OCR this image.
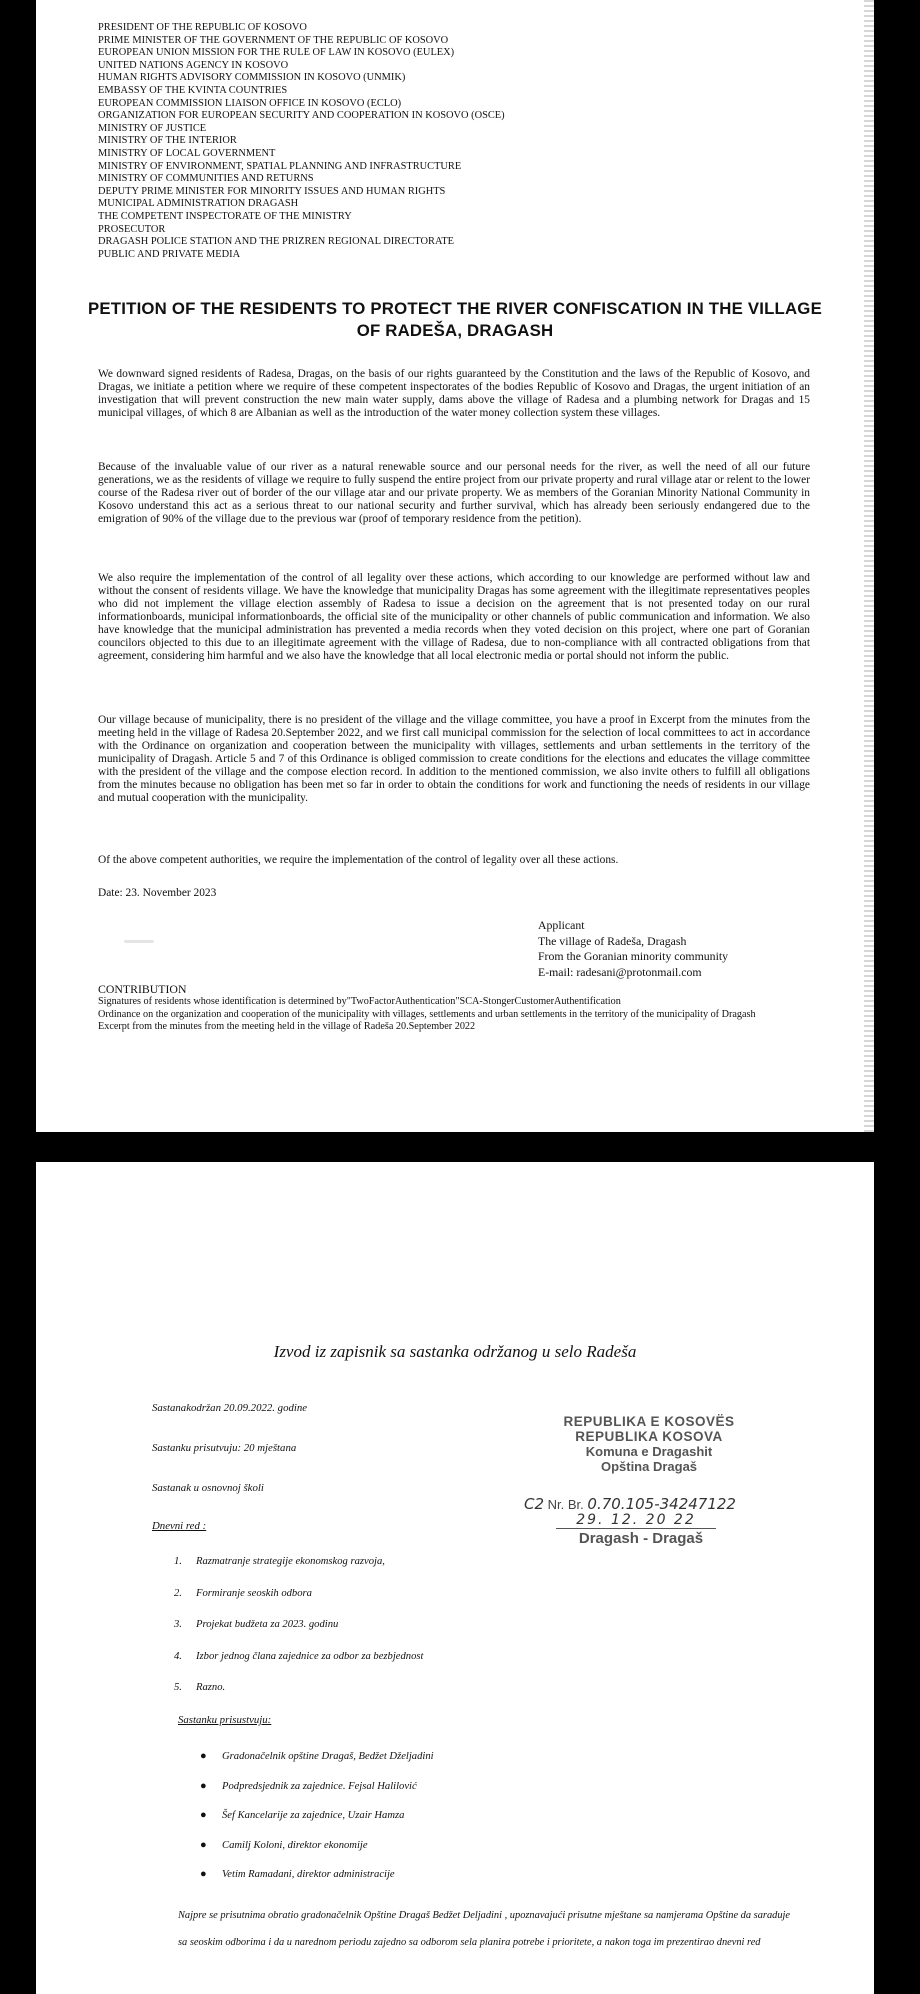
PRESIDENT OF THE REPUBLIC OF KOSOVO
PRIME MINISTER OF THE GOVERNMENT OF THE REPUBLIC OF KOSOVO
EUROPEAN UNION MISSION FOR THE RULE OF LAW IN KOSOVO (EULEX)
UNITED NATIONS AGENCY IN KOSOVO
HUMAN RIGHTS ADVISORY COMMISSION IN KOSOVO (UNMIK)
EMBASSY OF THE KVINTA COUNTRIES
EUROPEAN COMMISSION LIAISON OFFICE IN KOSOVO (ECLO)
ORGANIZATION FOR EUROPEAN SECURITY AND COOPERATION IN KOSOVO (OSCE)
MINISTRY OF JUSTICE
MINISTRY OF THE INTERIOR
MINISTRY OF LOCAL GOVERNMENT
MINISTRY OF ENVIRONMENT, SPATIAL PLANNING AND INFRASTRUCTURE
MINISTRY OF COMMUNITIES AND RETURNS
DEPUTY PRIME MINISTER FOR MINORITY ISSUES AND HUMAN RIGHTS
MUNICIPAL ADMINISTRATION DRAGASH
THE COMPETENT INSPECTORATE OF THE MINISTRY
PROSECUTOR
DRAGASH POLICE STATION AND THE PRIZREN REGIONAL DIRECTORATE
PUBLIC AND PRIVATE MEDIA
PETITION OF THE RESIDENTS TO PROTECT THE RIVER CONFISCATION IN THE VILLAGE OF RADEŠA, DRAGASH

We downward signed residents of Radesa, Dragas, on the basis of our rights guaranteed by the Constitution and the laws of the Republic of Kosovo, and Dragas, we initiate a petition where we require of these competent inspectorates of the bodies Republic of Kosovo and Dragas, the urgent initiation of an investigation that will prevent construction the new main water supply, dams above the village of Radesa and a plumbing network for Dragas and 15 municipal villages, of which 8 are Albanian as well as the introduction of the water money collection system these villages.

Because of the invaluable value of our river as a natural renewable source and our personal needs for the river, as well the need of all our future generations, we as the residents of village we require to fully suspend the entire project from our private property and rural village atar or relent to the lower course of the Radesa river out of border of the our village atar and our private property. We as members of the Goranian Minority National Community in Kosovo understand this act as a serious threat to our national security and further survival, which has already been seriously endangered due to the emigration of 90% of the village due to the previous war (proof of temporary residence from the petition).

We also require the implementation of the control of all legality over these actions, which according to our knowledge are performed without law and without the consent of residents village. We have the knowledge that municipality Dragas has some agreement with the illegitimate representatives peoples who did not implement the village election assembly of Radesa to issue a decision on the agreement that is not presented today on our rural informationboards, municipal informationboards, the official site of the municipality or other channels of public communication and information. We also have knowledge that the municipal administration has prevented a media records when they voted decision on this project, where one part of Goranian councilors objected to this due to an illegitimate agreement with the village of Radesa, due to non-compliance with all contracted obligations from that agreement, considering him harmful and we also have the knowledge that all local electronic media or portal should not inform the public.

Our village because of municipality, there is no president of the village and the village committee, you have a proof in Excerpt from the minutes from the meeting held in the village of Radesa 20.September 2022, and we first call municipal commission for the selection of local committees to act in accordance with the Ordinance on organization and cooperation between the municipality with villages, settlements and urban settlements in the territory of the municipality of Dragash. Article 5 and 7 of this Ordinance is obliged commission to create conditions for the elections and educates the village committee with the president of the village and the compose election record. In addition to the mentioned commission, we also invite others to fulfill all obligations from the minutes because no obligation has been met so far in order to obtain the conditions for work and functioning the needs of residents in our village and mutual cooperation with the municipality.

Of the above competent authorities, we require the implementation of the control of legality over all these actions.

Date: 23. November 2023
Applicant
The village of Radeša, Dragash
From the Goranian minority community
E-mail: radesani@protonmail.com
CONTRIBUTION
Signatures of residents whose identification is determined by"TwoFactorAuthentication"SCA-StongerCustomerAuthentification
Ordinance on the organization and cooperation of the municipality with villages, settlements and urban settlements in the territory of the municipality of Dragash
Excerpt from the minutes from the meeting held in the village of Radeša 20.September 2022
Izvod iz zapisnik sa sastanka održanog u selo Radeša
Sastanakodržan 20.09.2022. godine
Sastanku prisutvuju: 20 mještana
Sastanak u osnovnoj školi
Dnevni red :
1. Razmatranje strategije ekonomskog razvoja,
2. Formiranje seoskih odbora
3. Projekat budžeta za 2023. godinu
4. Izbor jednog člana zajednice za odbor za bezbjednost
5. Razno.
Sastanku prisustvuju:
● Gradonačelnik opštine Dragaš, Bedžet Dželjadini
● Podpredsjednik za zajednice. Fejsal Halilović
● Šef Kancelarije za zajednice, Uzair Hamza
● Camilj Koloni, direktor ekonomije
● Vetim Ramadani, direktor administracije

Najpre se prisutnima obratio gradonačelnik Opštine Dragaš Bedžet Deljadini , upoznavajući prisutne mještane sa namjerama Opštine da saraduje sa seoskim odborima i da u narednom periodu zajedno sa odborom sela planira potrebe i prioritete, a nakon toga im prezentirao dnevni red

REPUBLIKA E KOSOVËS
REPUBLIKA KOSOVA
Komuna e Dragashit
Opština Dragaš
C2 Nr. Br. 0.70.105-34247122
29. 12. 20 22
Dragash - Dragaš
